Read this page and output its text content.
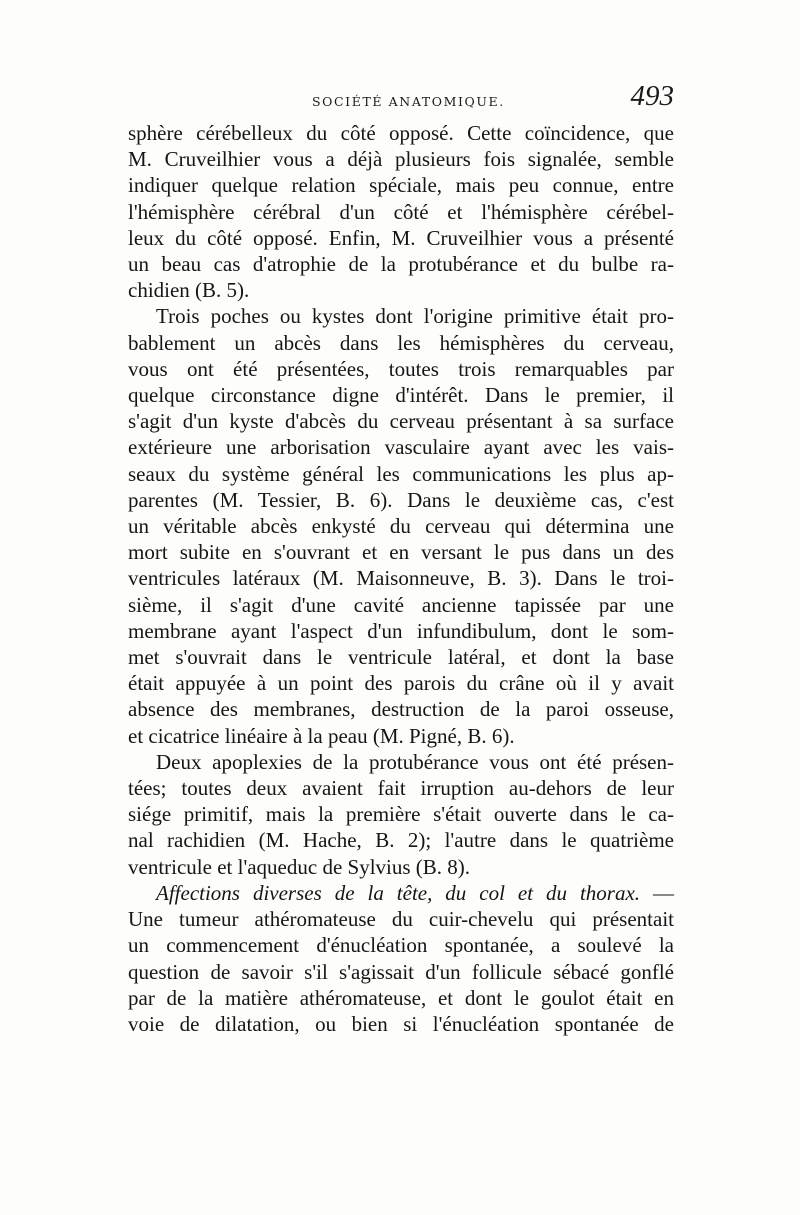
SOCIÉTÉ ANATOMIQUE.	493
sphère cérébelleux du côté opposé. Cette coïncidence, que
M. Cruveilhier vous a déjà plusieurs fois signalée, semble
indiquer quelque relation spéciale, mais peu connue, entre
l'hémisphère cérébral d'un côté et l'hémisphère cérébel-
leux du côté opposé. Enfin, M. Cruveilhier vous a présenté
un beau cas d'atrophie de la protubérance et du bulbe ra-
chidien (B. 5).
Trois poches ou kystes dont l'origine primitive était pro-
bablement un abcès dans les hémisphères du cerveau,
vous ont été présentées, toutes trois remarquables par
quelque circonstance digne d'intérêt. Dans le premier, il
s'agit d'un kyste d'abcès du cerveau présentant à sa surface
extérieure une arborisation vasculaire ayant avec les vais-
seaux du système général les communications les plus ap-
parentes (M. Tessier, B. 6). Dans le deuxième cas, c'est
un véritable abcès enkysté du cerveau qui détermina une
mort subite en s'ouvrant et en versant le pus dans un des
ventricules latéraux (M. Maisonneuve, B. 3). Dans le troi-
sième, il s'agit d'une cavité ancienne tapissée par une
membrane ayant l'aspect d'un infundibulum, dont le som-
met s'ouvrait dans le ventricule latéral, et dont la base
était appuyée à un point des parois du crâne où il y avait
absence des membranes, destruction de la paroi osseuse,
et cicatrice linéaire à la peau (M. Pigné, B. 6).
Deux apoplexies de la protubérance vous ont été présen-
tées; toutes deux avaient fait irruption au-dehors de leur
siége primitif, mais la première s'était ouverte dans le ca-
nal rachidien (M. Hache, B. 2); l'autre dans le quatrième
ventricule et l'aqueduc de Sylvius (B. 8).
Affections diverses de la tête, du col et du thorax. —
Une tumeur athéromateuse du cuir-chevelu qui présentait
un commencement d'énucléation spontanée, a soulevé la
question de savoir s'il s'agissait d'un follicule sébacé gonflé
par de la matière athéromateuse, et dont le goulot était en
voie de dilatation, ou bien si l'énucléation spontanée de
